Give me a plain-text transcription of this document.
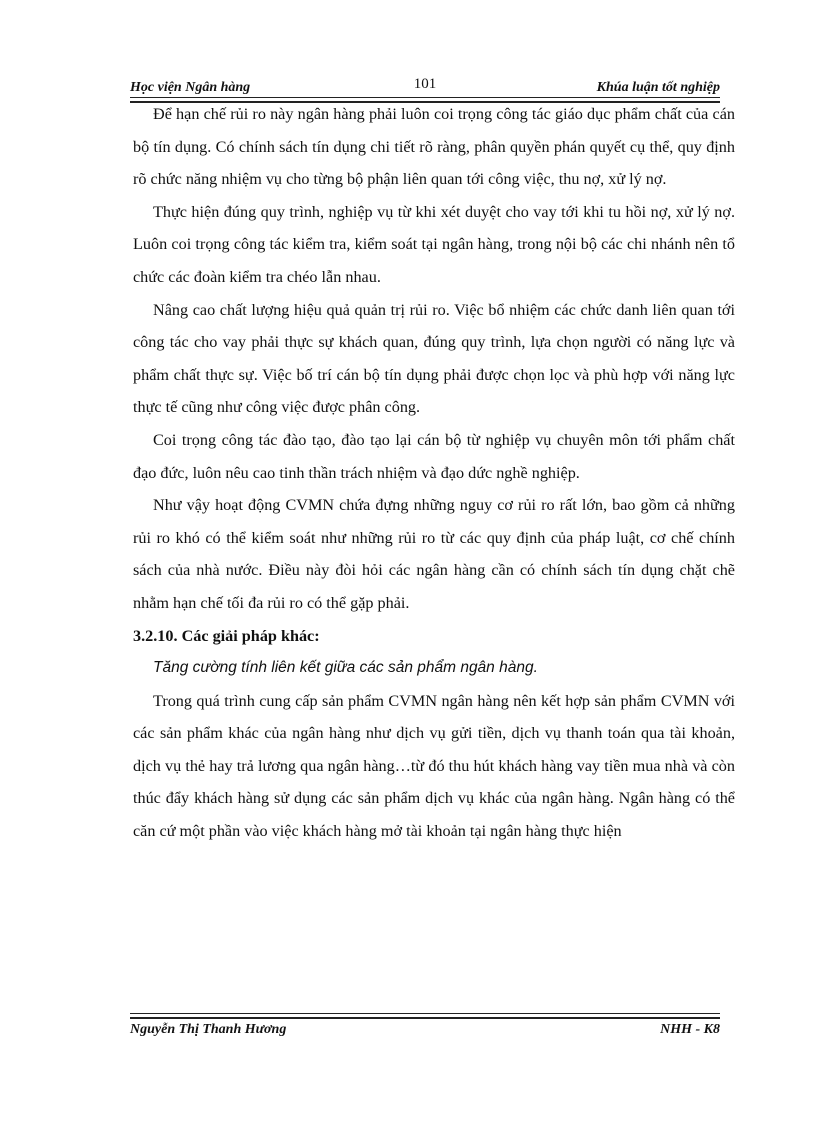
Học viện Ngân hàng	101	Khúa luận tốt nghiệp

Để hạn chế rủi ro này ngân hàng phải luôn coi trọng công tác giáo dục phẩm chất của cán bộ tín dụng. Có chính sách tín dụng chi tiết rõ ràng, phân quyền phán quyết cụ thể, quy định rõ chức năng nhiệm vụ cho từng bộ phận liên quan tới công việc, thu nợ, xử lý nợ.

Thực hiện đúng quy trình, nghiệp vụ từ khi xét duyệt cho vay tới khi tu hồi nợ, xử lý nợ. Luôn coi trọng công tác kiểm tra, kiểm soát tại ngân hàng, trong nội bộ các chi nhánh nên tổ chức các đoàn kiểm tra chéo lẫn nhau.

Nâng cao chất lượng hiệu quả quản trị rủi ro. Việc bổ nhiệm các chức danh liên quan tới công tác cho vay phải thực sự khách quan, đúng quy trình, lựa chọn người có năng lực và phẩm chất thực sự. Việc bố trí cán bộ tín dụng phải được chọn lọc và phù hợp với năng lực thực tế cũng như công việc được phân công.

Coi trọng công tác đào tạo, đào tạo lại cán bộ từ nghiệp vụ chuyên môn tới phẩm chất đạo đức, luôn nêu cao tinh thần trách nhiệm và đạo dức nghề nghiệp.

Như vậy hoạt động CVMN chứa đựng những nguy cơ rủi ro rất lớn, bao gồm cả những rủi ro khó có thể kiểm soát như những rủi ro từ các quy định của pháp luật, cơ chế chính sách của nhà nước. Điều này đòi hỏi các ngân hàng cần có chính sách tín dụng chặt chẽ nhằm hạn chế tối đa rủi ro có thể gặp phải.

3.2.10. Các giải pháp khác:

Tăng cường tính liên kết giữa các sản phẩm ngân hàng.

Trong quá trình cung cấp sản phẩm CVMN ngân hàng nên kết hợp sản phẩm CVMN với các sản phẩm khác của ngân hàng như dịch vụ gửi tiền, dịch vụ thanh toán qua tài khoản, dịch vụ thẻ hay trả lương qua ngân hàng…từ đó thu hút khách hàng vay tiền mua nhà và còn thúc đẩy khách hàng sử dụng các sản phẩm dịch vụ khác của ngân hàng. Ngân hàng có thể căn cứ một phần vào việc khách hàng mở tài khoản tại ngân hàng thực hiện

Nguyễn Thị Thanh Hương	NHH - K8
